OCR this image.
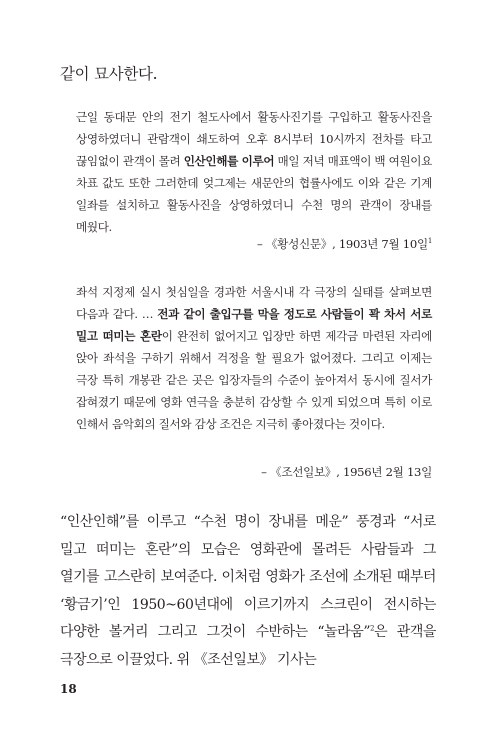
같이 묘사한다.
근일 동대문 안의 전기 철도사에서 활동사진기를 구입하고 활동사진을 상영하였더니 관람객이 쇄도하여 오후 8시부터 10시까지 전차를 타고 끊임없이 관객이 몰려 인산인해를 이루어 매일 저녁 매표액이 백 여원이요 차표 값도 또한 그러한데 엊그제는 새문안의 협률사에도 이와 같은 기계 일좌를 설치하고 활동사진을 상영하였더니 수천 명의 관객이 장내를 메웠다.
– 《황성신문》, 1903년 7월 10일$^1$
좌석 지정제 실시 첫심일을 경과한 서울시내 각 극장의 실태를 살펴보면 다음과 같다. … 전과 같이 출입구를 막을 정도로 사람들이 꽉 차서 서로 밀고 떠미는 혼란이 완전히 없어지고 입장만 하면 제각금 마련된 자리에 앉아 좌석을 구하기 위해서 걱정을 할 필요가 없어졌다. 그리고 이제는 극장 특히 개봉관 같은 곳은 입장자들의 수준이 높아져서 동시에 질서가 잡혀졌기 때문에 영화 연극을 충분히 감상할 수 있게 되었으며 특히 이로 인해서 음악회의 질서와 감상 조건은 지극히 좋아졌다는 것이다.
– 《조선일보》, 1956년 2월 13일
“인산인해”를 이루고 “수천 명이 장내를 메운” 풍경과 “서로 밀고 떠미는 혼란”의 모습은 영화관에 몰려든 사람들과 그 열기를 고스란히 보여준다. 이처럼 영화가 조선에 소개된 때부터 ‘황금기’인 1950~60년대에 이르기까지 스크린이 전시하는 다양한 볼거리 그리고 그것이 수반하는 “놀라움”$^2$은 관객을 극장으로 이끌었다. 위 《조선일보》 기사는
18
